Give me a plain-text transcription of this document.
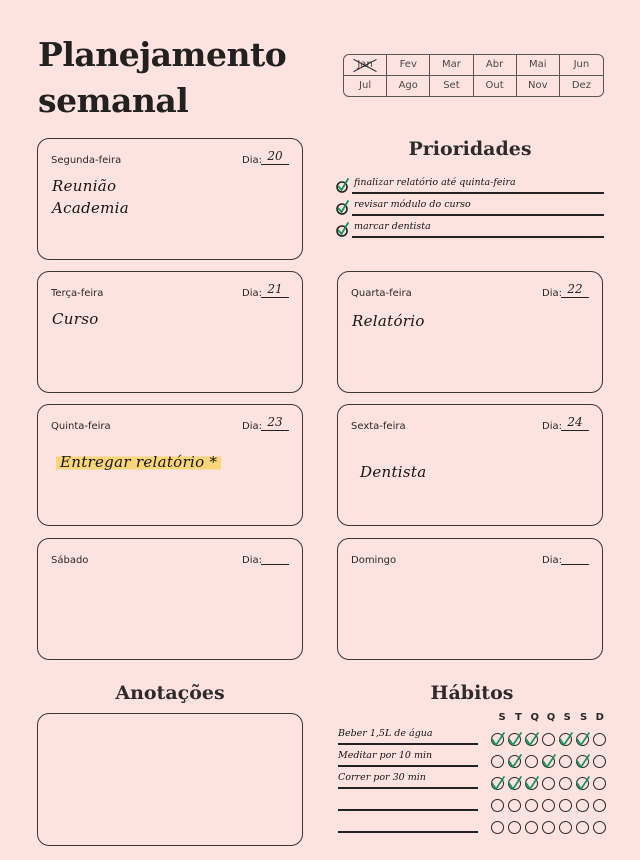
Planejamento
semanal
Jan	Fev	Mar	Abr	Mai	Jun
Jul	Ago	Set	Out Nov Dez
Segunda-feira	Dia: 20
Reunião
Academia
Terça-feira	Dia: 21
Curso
Quarta-feira	Dia: 22
Relatório
Quinta-feira	Dia: 23
Entregar relatório *
Sexta-feira	Dia: 24
Dentista
Sábado	Dia:	Domingo	Dia:
Prioridades
finalizar relatório até quinta-feira
revisar módulo do curso
marcar dentista
Anotações	Hábitos
S T Q Q S S D
Beber 1,5L de água
Meditar por 10 min
Correr por 30 min
